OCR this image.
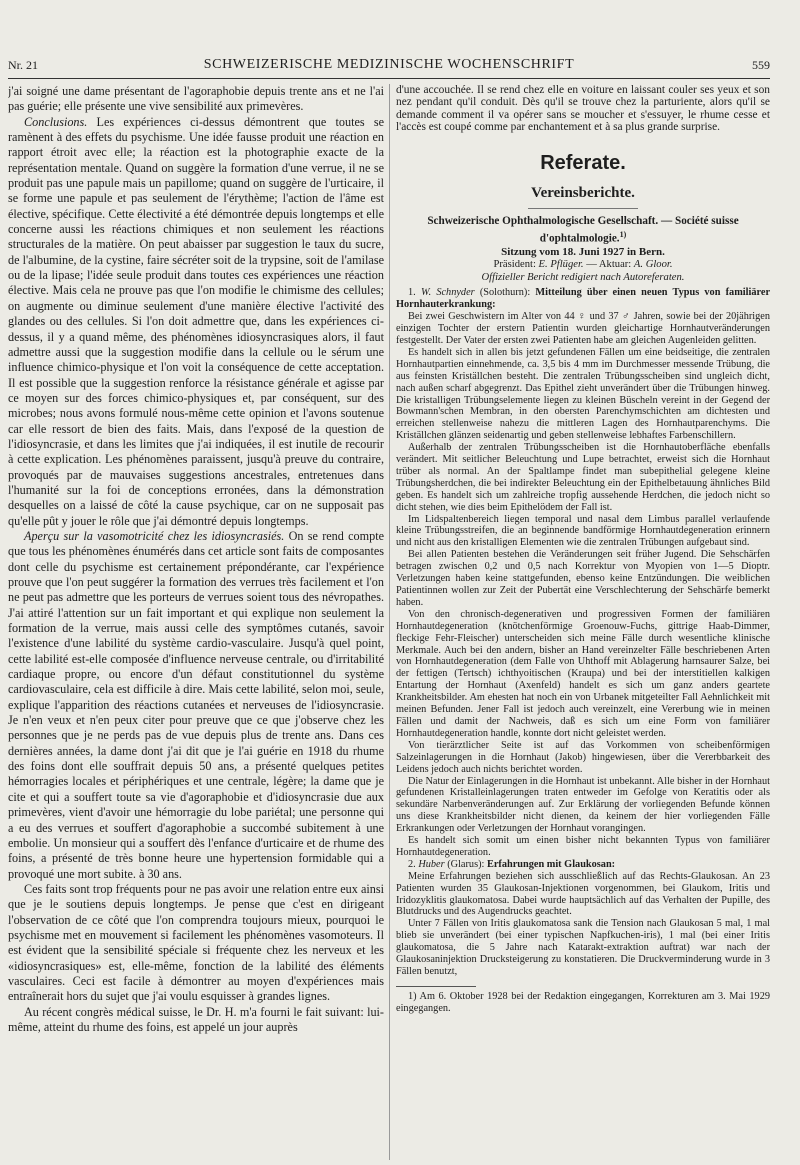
Nr. 21	SCHWEIZERISCHE MEDIZINISCHE WOCHENSCHRIFT	559

j'ai soigné une dame présentant de l'agoraphobie depuis trente ans et ne l'ai pas guérie; elle présente une vive sensibilité aux primevères.

Conclusions. Les expériences ci-dessus démontrent que toutes se ramènent à des effets du psychisme. Une idée fausse produit une réaction en rapport étroit avec elle; la réaction est la photographie exacte de la représentation mentale. Quand on suggère la formation d'une verrue, il ne se produit pas une papule mais un papillome; quand on suggère de l'urticaire, il se forme une papule et pas seulement de l'érythème; l'action de l'âme est élective, spécifique. Cette électivité a été démontrée depuis longtemps et elle concerne aussi les réactions chimiques et non seulement les réactions structurales de la matière. On peut abaisser par suggestion le taux du sucre, de l'albumine, de la cystine, faire sécréter soit de la trypsine, soit de l'amilase ou de la lipase; l'idée seule produit dans toutes ces expériences une réaction élective. Mais cela ne prouve pas que l'on modifie le chimisme des cellules; on augmente ou diminue seulement d'une manière élective l'activité des glandes ou des cellules. Si l'on doit admettre que, dans les expériences ci-dessus, il y a quand même, des phénomènes idiosyncrasiques alors, il faut admettre aussi que la suggestion modifie dans la cellule ou le sérum une influence chimico-physique et l'on voit la conséquence de cette acceptation. Il est possible que la suggestion renforce la résistance générale et agisse par ce moyen sur des forces chimico-physiques et, par conséquent, sur des microbes; nous avons formulé nous-même cette opinion et l'avons soutenue car elle ressort de bien des faits. Mais, dans l'exposé de la question de l'idiosyncrasie, et dans les limites que j'ai indiquées, il est inutile de recourir à cette explication. Les phénomènes paraissent, jusqu'à preuve du contraire, provoqués par de mauvaises suggestions ancestrales, entretenues dans l'humanité sur la foi de conceptions erronées, dans la démonstration desquelles on a laissé de côté la cause psychique, car on ne supposait pas qu'elle pût y jouer le rôle que j'ai démontré depuis longtemps.

Aperçu sur la vasomotricité chez les idiosyncrasiés. On se rend compte que tous les phénomènes énumérés dans cet article sont faits de composantes dont celle du psychisme est certainement prépondérante, car l'expérience prouve que l'on peut suggérer la formation des verrues très facilement et l'on ne peut pas admettre que les porteurs de verrues soient tous des névropathes. J'ai attiré l'attention sur un fait important et qui explique non seulement la formation de la verrue, mais aussi celle des symptômes cutanés, savoir l'existence d'une labilité du système cardio-vasculaire. Jusqu'à quel point, cette labilité est-elle composée d'influence nerveuse centrale, ou d'irritabilité cardiaque propre, ou encore d'un défaut constitutionnel du système cardiovasculaire, cela est difficile à dire. Mais cette labilité, selon moi, seule, explique l'apparition des réactions cutanées et nerveuses de l'idiosyncrasie. Je n'en veux et n'en peux citer pour preuve que ce que j'observe chez les personnes que je ne perds pas de vue depuis plus de trente ans. Dans ces dernières années, la dame dont j'ai dit que je l'ai guérie en 1918 du rhume des foins dont elle souffrait depuis 50 ans, a présenté quelques petites hémorragies locales et périphériques et une centrale, légère; la dame que je cite et qui a souffert toute sa vie d'agoraphobie et d'idiosyncrasie due aux primevères, vient d'avoir une hémorragie du lobe pariétal; une personne qui a eu des verrues et souffert d'agoraphobie a succombé subitement à une embolie. Un monsieur qui a souffert dès l'enfance d'urticaire et de rhume des foins, a présenté de très bonne heure une hypertension formidable qui a provoqué une mort subite. à 30 ans.

Ces faits sont trop fréquents pour ne pas avoir une relation entre eux ainsi que je le soutiens depuis longtemps. Je pense que c'est en dirigeant l'observation de ce côté que l'on comprendra toujours mieux, pourquoi le psychisme met en mouvement si facilement les phénomènes vasomoteurs. Il est évident que la sensibilité spéciale si fréquente chez les nerveux et les «idiosyncrasiques» est, elle-même, fonction de la labilité des éléments vasculaires. Ceci est facile à démontrer au moyen d'expériences mais entraînerait hors du sujet que j'ai voulu esquisser à grandes lignes.

Au récent congrès médical suisse, le Dr. H. m'a fourni le fait suivant: lui-même, atteint du rhume des foins, est appelé un jour auprès

d'une accouchée. Il se rend chez elle en voiture en laissant couler ses yeux et son nez pendant qu'il conduit. Dès qu'il se trouve chez la parturiente, alors qu'il se demande comment il va opérer sans se moucher et s'essuyer, le rhume cesse et l'accès est coupé comme par enchantement et à sa plus grande surprise.

Referate.
Vereinsberichte.
Schweizerische Ophthalmologische Gesellschaft. — Société suisse d'ophtalmologie.$^{1)}$
Sitzung vom 18. Juni 1927 in Bern.
Präsident: E. Pflüger. — Aktuar: A. Gloor.
Offizieller Bericht redigiert nach Autoreferaten.

1. W. Schnyder (Solothurn): Mitteilung über einen neuen Typus von familiärer Hornhauterkrankung:

Bei zwei Geschwistern im Alter von 44 ♀ und 37 ♂ Jahren, sowie bei der 20jährigen einzigen Tochter der erstern Patientin wurden gleichartige Hornhautveränderungen festgestellt. Der Vater der ersten zwei Patienten habe am gleichen Augenleiden gelitten.

Es handelt sich in allen bis jetzt gefundenen Fällen um eine beidseitige, die zentralen Hornhautpartien einnehmende, ca. 3,5 bis 4 mm im Durchmesser messende Trübung, die aus feinsten Kriställchen besteht. Die zentralen Trübungsscheiben sind ungleich dicht, nach außen scharf abgegrenzt. Das Epithel zieht unverändert über die Trübungen hinweg. Die kristalligen Trübungselemente liegen zu kleinen Büscheln vereint in der Gegend der Bowmann'schen Membran, in den obersten Parenchymschichten am dichtesten und erreichen stellenweise nahezu die mittleren Lagen des Hornhautparenchyms. Die Kriställchen glänzen seidenartig und geben stellenweise lebhaftes Farbenschillern.

Außerhalb der zentralen Trübungsscheiben ist die Hornhautoberfläche ebenfalls verändert. Mit seitlicher Beleuchtung und Lupe betrachtet, erweist sich die Hornhaut trüber als normal. An der Spaltlampe findet man subepithelial gelegene kleine Trübungsherdchen, die bei indirekter Beleuchtung ein der Epithelbetauung ähnliches Bild geben. Es handelt sich um zahlreiche tropfig aussehende Herdchen, die jedoch nicht so dicht stehen, wie dies beim Epithelödem der Fall ist.

Im Lidspaltenbereich liegen temporal und nasal dem Limbus parallel verlaufende kleine Trübungsstreifen, die an beginnende bandförmige Hornhautdegeneration erinnern und nicht aus den kristalligen Elementen wie die zentralen Trübungen aufgebaut sind.

Bei allen Patienten bestehen die Veränderungen seit früher Jugend. Die Sehschärfen betragen zwischen 0,2 und 0,5 nach Korrektur von Myopien von 1—5 Dioptr. Verletzungen haben keine stattgefunden, ebenso keine Entzündungen. Die weiblichen Patientinnen wollen zur Zeit der Pubertät eine Verschlechterung der Sehschärfe bemerkt haben.

Von den chronisch-degenerativen und progressiven Formen der familiären Hornhautdegeneration (knötchenförmige Groenouw-Fuchs, gittrige Haab-Dimmer, fleckige Fehr-Fleischer) unterscheiden sich meine Fälle durch wesentliche klinische Merkmale. Auch bei den andern, bisher an Hand vereinzelter Fälle beschriebenen Arten von Hornhautdegeneration (dem Falle von Uhthoff mit Ablagerung harnsaurer Salze, bei der fettigen (Tertsch) ichthyoitischen (Kraupa) und bei der interstitiellen kalkigen Entartung der Hornhaut (Axenfeld) handelt es sich um ganz anders geartete Krankheitsbilder. Am ehesten hat noch ein von Urbanek mitgeteilter Fall Aehnlichkeit mit meinen Befunden. Jener Fall ist jedoch auch vereinzelt, eine Vererbung wie in meinen Fällen und damit der Nachweis, daß es sich um eine Form von familiärer Hornhautdegeneration handle, konnte dort nicht geleistet werden.

Von tierärztlicher Seite ist auf das Vorkommen von scheibenförmigen Salzeinlagerungen in die Hornhaut (Jakob) hingewiesen, über die Vererbbarkeit des Leidens jedoch auch nichts berichtet worden.

Die Natur der Einlagerungen in die Hornhaut ist unbekannt. Alle bisher in der Hornhaut gefundenen Kristalleinlagerungen traten entweder im Gefolge von Keratitis oder als sekundäre Narbenveränderungen auf. Zur Erklärung der vorliegenden Befunde können uns diese Krankheitsbilder nicht dienen, da keinem der hier vorliegenden Fälle Erkrankungen oder Verletzungen der Hornhaut vorangingen.

Es handelt sich somit um einen bisher nicht bekannten Typus von familiärer Hornhautdegeneration.

2. Huber (Glarus): Erfahrungen mit Glaukosan:

Meine Erfahrungen beziehen sich ausschließlich auf das Rechts-Glaukosan. An 23 Patienten wurden 35 Glaukosan-Injektionen vorgenommen, bei Glaukom, Iritis und Iridozyklitis glaukomatosa. Dabei wurde hauptsächlich auf das Verhalten der Pupille, des Blutdrucks und des Augendrucks geachtet.

Unter 7 Fällen von Iritis glaukomatosa sank die Tension nach Glaukosan 5 mal, 1 mal blieb sie unverändert (bei einer typischen Napfkuchen-iris), 1 mal (bei einer Iritis glaukomatosa, die 5 Jahre nach Katarakt-extraktion auftrat) war nach der Glaukosaninjektion Drucksteigerung zu konstatieren. Die Druckverminderung wurde in 3 Fällen benutzt,

1) Am 6. Oktober 1928 bei der Redaktion eingegangen, Korrekturen am 3. Mai 1929 eingegangen.
